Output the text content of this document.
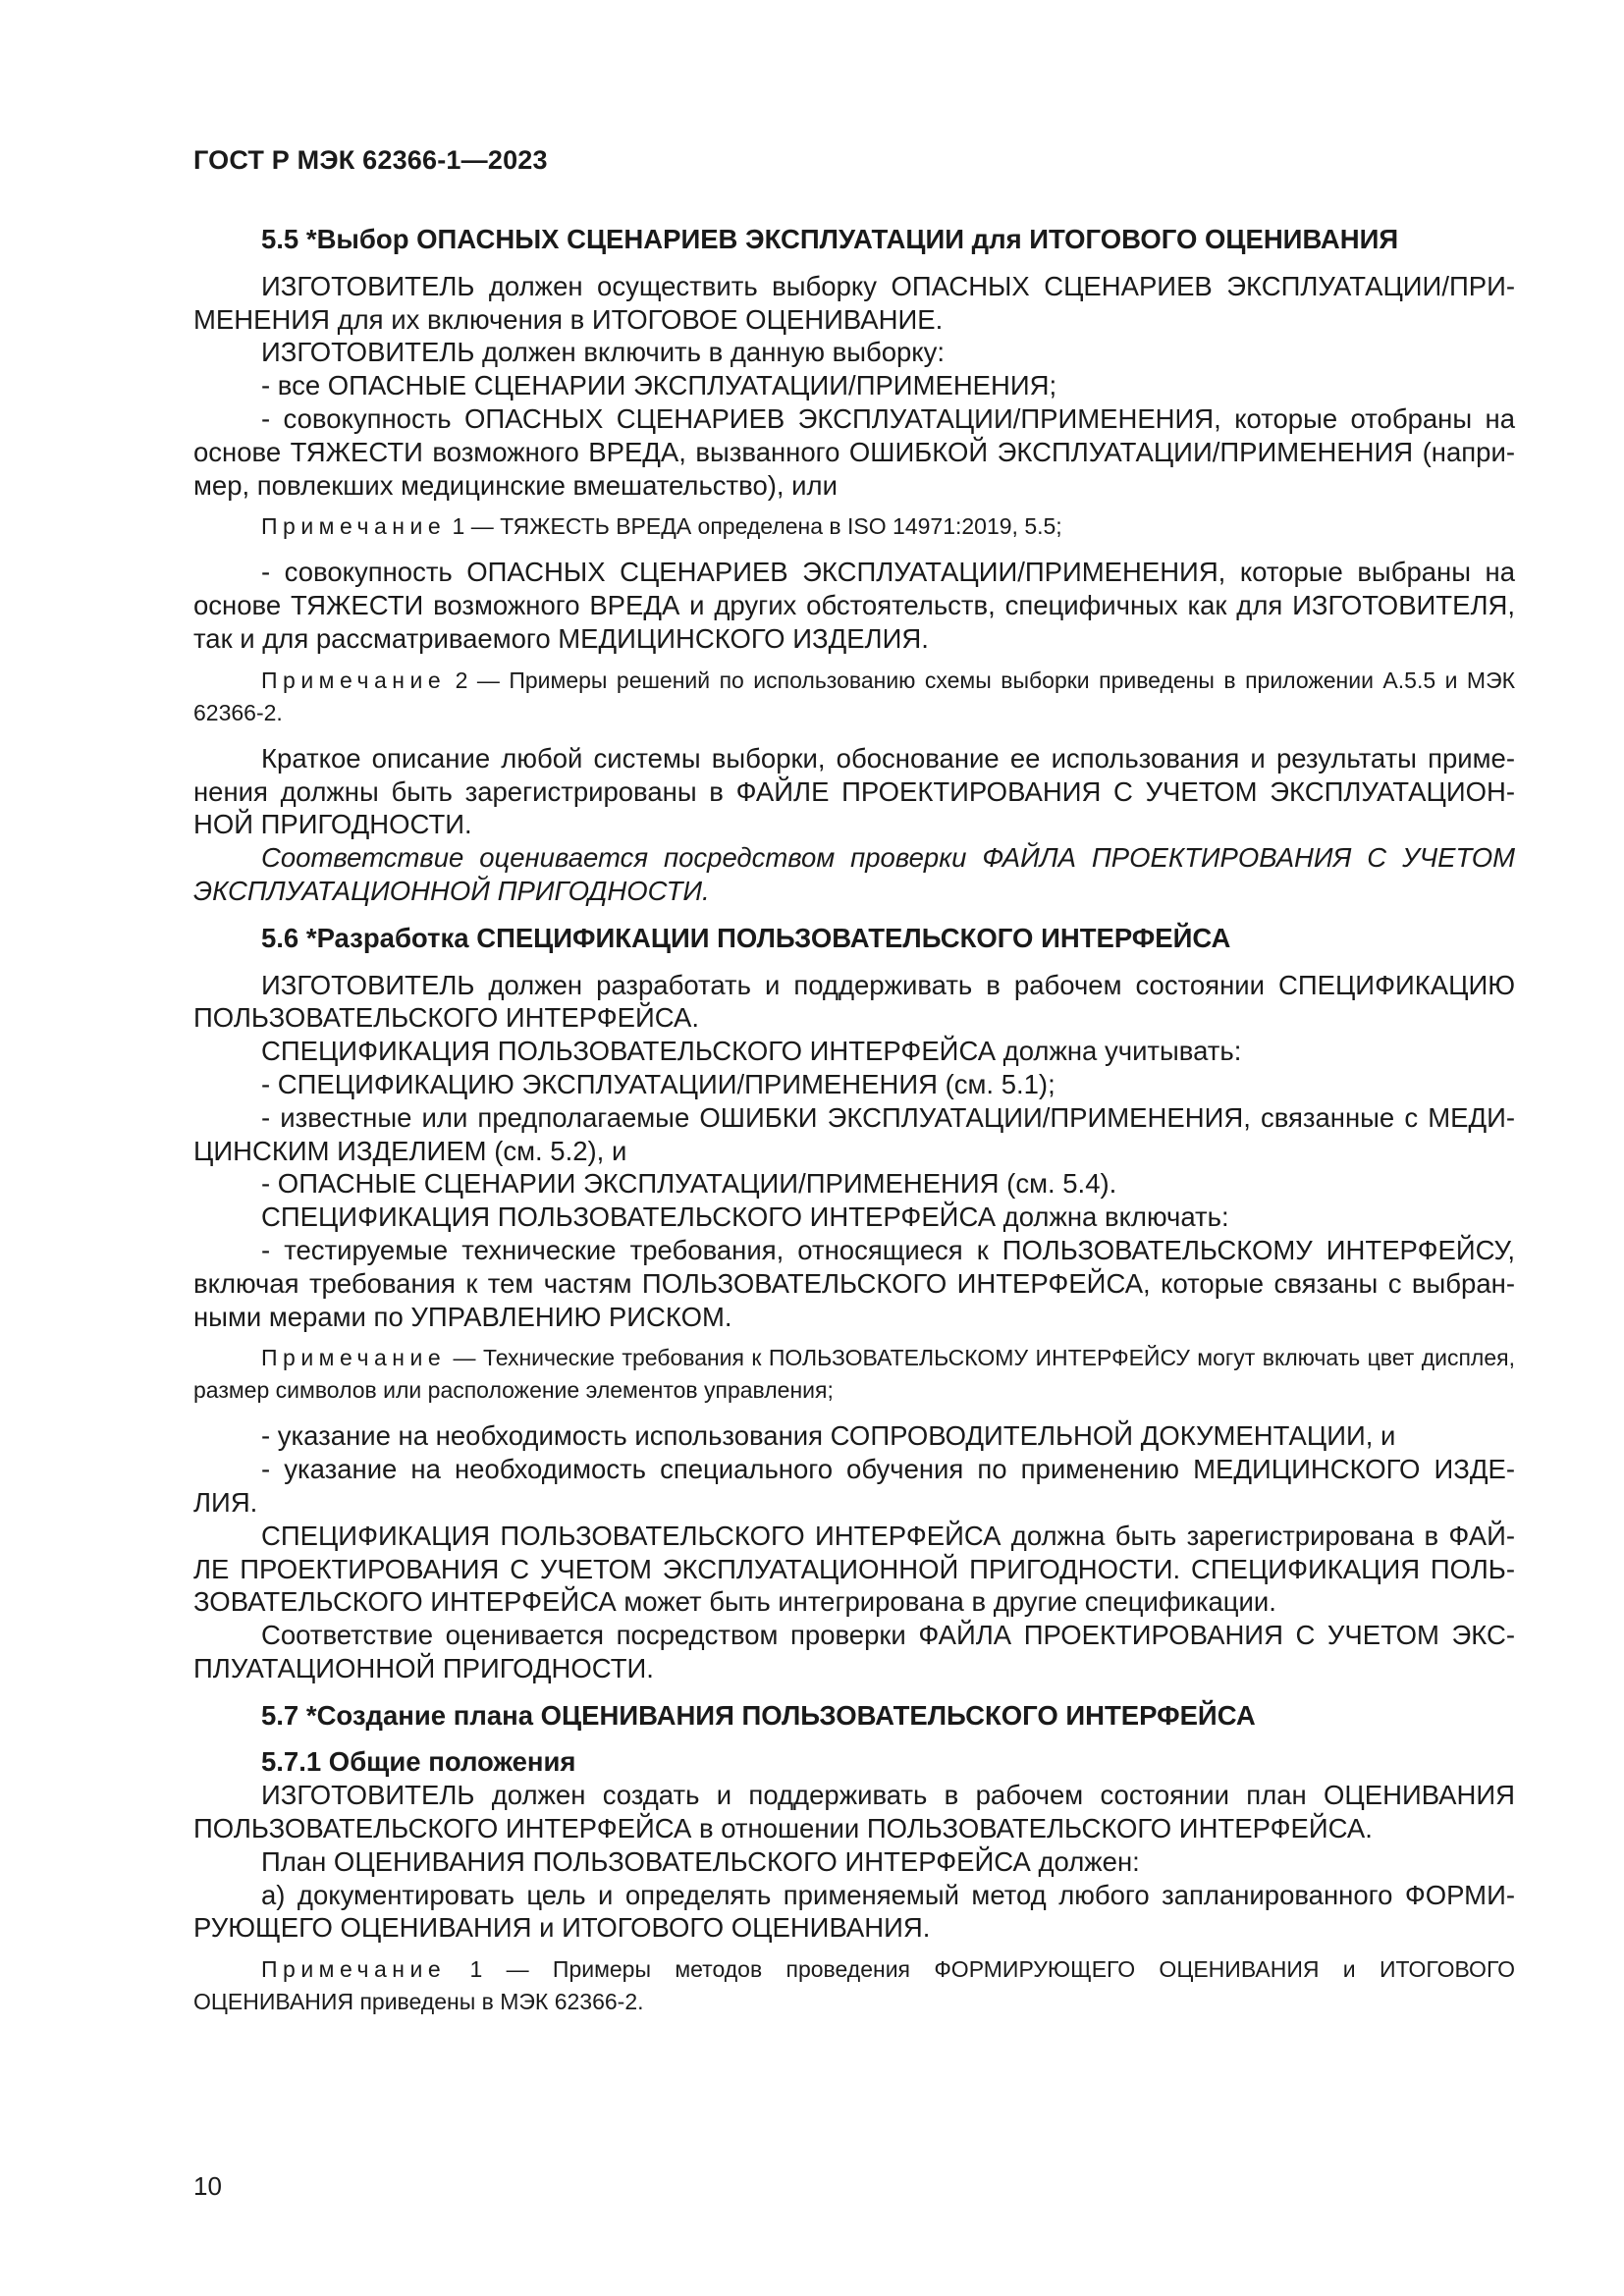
ГОСТ Р МЭК 62366-1—2023

5.5 *Выбор ОПАСНЫХ СЦЕНАРИЕВ ЭКСПЛУАТАЦИИ для ИТОГОВОГО ОЦЕНИВАНИЯ

ИЗГОТОВИТЕЛЬ должен осуществить выборку ОПАСНЫХ СЦЕНАРИЕВ ЭКСПЛУАТАЦИИ/ПРИ-МЕНЕНИЯ для их включения в ИТОГОВОЕ ОЦЕНИВАНИЕ.

ИЗГОТОВИТЕЛЬ должен включить в данную выборку:

- все ОПАСНЫЕ СЦЕНАРИИ ЭКСПЛУАТАЦИИ/ПРИМЕНЕНИЯ;

- совокупность ОПАСНЫХ СЦЕНАРИЕВ ЭКСПЛУАТАЦИИ/ПРИМЕНЕНИЯ, которые отобраны на основе ТЯЖЕСТИ возможного ВРЕДА, вызванного ОШИБКОЙ ЭКСПЛУАТАЦИИ/ПРИМЕНЕНИЯ (напри-мер, повлекших медицинские вмешательство), или

Примечание 1 — ТЯЖЕСТЬ ВРЕДА определена в ISO 14971:2019, 5.5;

- совокупность ОПАСНЫХ СЦЕНАРИЕВ ЭКСПЛУАТАЦИИ/ПРИМЕНЕНИЯ, которые выбраны на основе ТЯЖЕСТИ возможного ВРЕДА и других обстоятельств, специфичных как для ИЗГОТОВИТЕЛЯ, так и для рассматриваемого МЕДИЦИНСКОГО ИЗДЕЛИЯ.

Примечание 2 — Примеры решений по использованию схемы выборки приведены в приложении А.5.5 и МЭК 62366-2.

Краткое описание любой системы выборки, обоснование ее использования и результаты приме-нения должны быть зарегистрированы в ФАЙЛЕ ПРОЕКТИРОВАНИЯ С УЧЕТОМ ЭКСПЛУАТАЦИОН-НОЙ ПРИГОДНОСТИ.

Соответствие оценивается посредством проверки ФАЙЛА ПРОЕКТИРОВАНИЯ С УЧЕТОМ ЭКСПЛУАТАЦИОННОЙ ПРИГОДНОСТИ.

5.6 *Разработка СПЕЦИФИКАЦИИ ПОЛЬЗОВАТЕЛЬСКОГО ИНТЕРФЕЙСА

ИЗГОТОВИТЕЛЬ должен разработать и поддерживать в рабочем состоянии СПЕЦИФИКАЦИЮ ПОЛЬЗОВАТЕЛЬСКОГО ИНТЕРФЕЙСА.

СПЕЦИФИКАЦИЯ ПОЛЬЗОВАТЕЛЬСКОГО ИНТЕРФЕЙСА должна учитывать:

- СПЕЦИФИКАЦИЮ ЭКСПЛУАТАЦИИ/ПРИМЕНЕНИЯ (см. 5.1);

- известные или предполагаемые ОШИБКИ ЭКСПЛУАТАЦИИ/ПРИМЕНЕНИЯ, связанные с МЕДИ-ЦИНСКИМ ИЗДЕЛИЕМ (см. 5.2), и

- ОПАСНЫЕ СЦЕНАРИИ ЭКСПЛУАТАЦИИ/ПРИМЕНЕНИЯ (см. 5.4).

СПЕЦИФИКАЦИЯ ПОЛЬЗОВАТЕЛЬСКОГО ИНТЕРФЕЙСА должна включать:

- тестируемые технические требования, относящиеся к ПОЛЬЗОВАТЕЛЬСКОМУ ИНТЕРФЕЙСУ, включая требования к тем частям ПОЛЬЗОВАТЕЛЬСКОГО ИНТЕРФЕЙСА, которые связаны с выбран-ными мерами по УПРАВЛЕНИЮ РИСКОМ.

Примечание — Технические требования к ПОЛЬЗОВАТЕЛЬСКОМУ ИНТЕРФЕЙСУ могут включать цвет дисплея, размер символов или расположение элементов управления;

- указание на необходимость использования СОПРОВОДИТЕЛЬНОЙ ДОКУМЕНТАЦИИ, и

- указание на необходимость специального обучения по применению МЕДИЦИНСКОГО ИЗДЕ-ЛИЯ.

СПЕЦИФИКАЦИЯ ПОЛЬЗОВАТЕЛЬСКОГО ИНТЕРФЕЙСА должна быть зарегистрирована в ФАЙ-ЛЕ ПРОЕКТИРОВАНИЯ С УЧЕТОМ ЭКСПЛУАТАЦИОННОЙ ПРИГОДНОСТИ. СПЕЦИФИКАЦИЯ ПОЛЬ-ЗОВАТЕЛЬСКОГО ИНТЕРФЕЙСА может быть интегрирована в другие спецификации.

Соответствие оценивается посредством проверки ФАЙЛА ПРОЕКТИРОВАНИЯ С УЧЕТОМ ЭКС-ПЛУАТАЦИОННОЙ ПРИГОДНОСТИ.

5.7 *Создание плана ОЦЕНИВАНИЯ ПОЛЬЗОВАТЕЛЬСКОГО ИНТЕРФЕЙСА

5.7.1 Общие положения

ИЗГОТОВИТЕЛЬ должен создать и поддерживать в рабочем состоянии план ОЦЕНИВАНИЯ ПОЛЬЗОВАТЕЛЬСКОГО ИНТЕРФЕЙСА в отношении ПОЛЬЗОВАТЕЛЬСКОГО ИНТЕРФЕЙСА.

План ОЦЕНИВАНИЯ ПОЛЬЗОВАТЕЛЬСКОГО ИНТЕРФЕЙСА должен:

а) документировать цель и определять применяемый метод любого запланированного ФОРМИ-РУЮЩЕГО ОЦЕНИВАНИЯ и ИТОГОВОГО ОЦЕНИВАНИЯ.

Примечание 1 — Примеры методов проведения ФОРМИРУЮЩЕГО ОЦЕНИВАНИЯ и ИТОГОВОГО ОЦЕНИВАНИЯ приведены в МЭК 62366-2.

10
